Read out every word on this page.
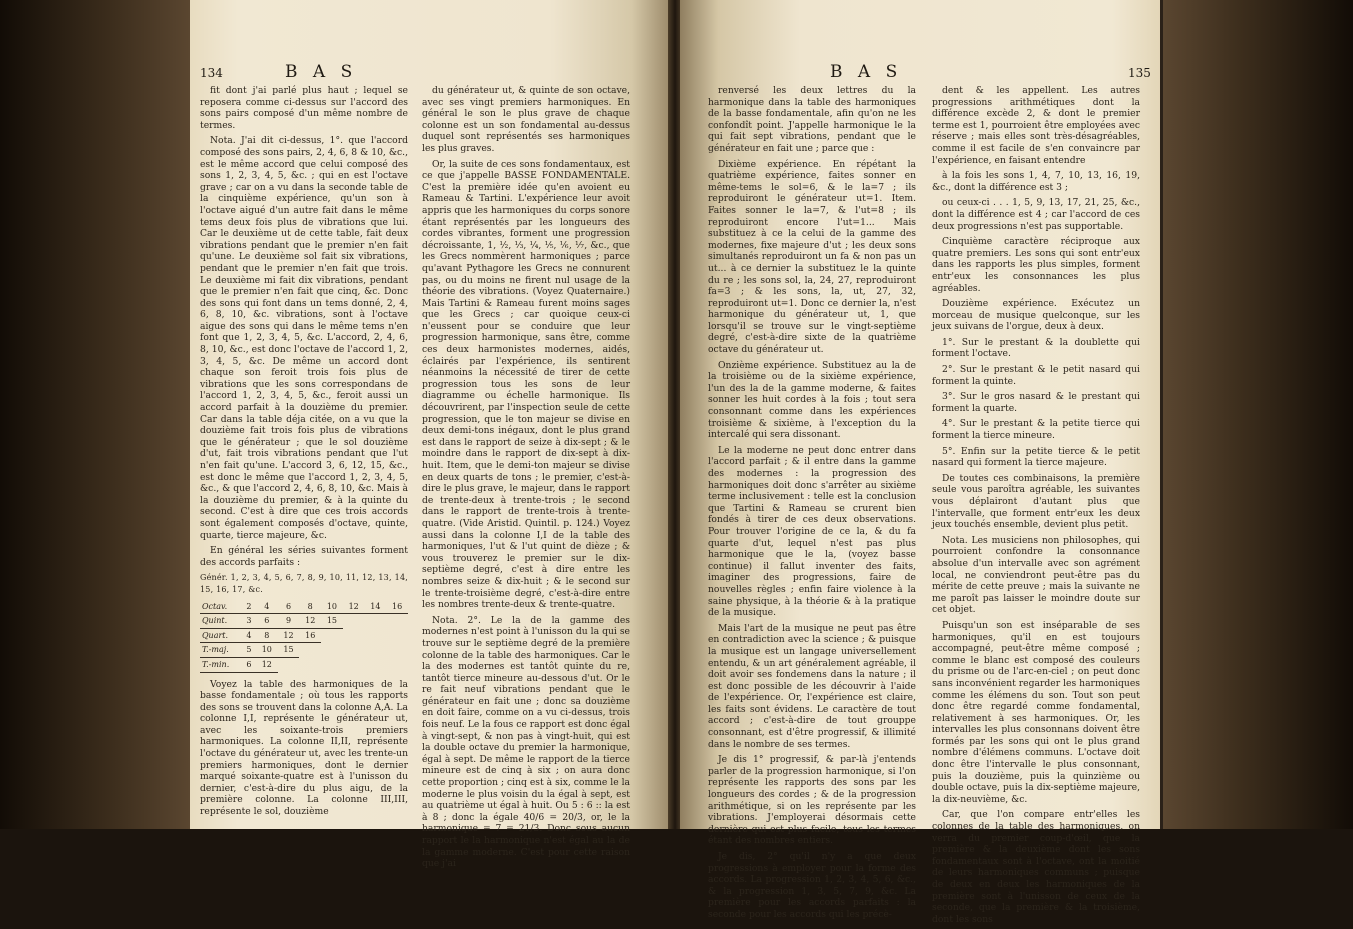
134	B A S

fit dont j'ai parlé plus haut ; lequel se reposera comme ci-dessus sur l'accord des sons pairs composé d'un même nombre de termes.

Nota. J'ai dit ci-dessus, 1°. que l'accord composé des sons pairs, 2, 4, 6, 8 & 10, &c., est le même accord que celui composé des sons 1, 2, 3, 4, 5, &c. ; qui en est l'octave grave ; car on a vu dans la seconde table de la cinquième expérience, qu'un son à l'octave aigué d'un autre fait dans le même tems deux fois plus de vibrations que lui. Car le deuxième ut de cette table, fait deux vibrations pendant que le premier n'en fait qu'une. Le deuxième sol fait six vibrations, pendant que le premier n'en fait que trois. Le deuxième mi fait dix vibrations, pendant que le premier n'en fait que cinq, &c. Donc des sons qui font dans un tems donné, 2, 4, 6, 8, 10, &c. vibrations, sont à l'octave aigue des sons qui dans le même tems n'en font que 1, 2, 3, 4, 5, &c. L'accord, 2, 4, 6, 8, 10, &c., est donc l'octave de l'accord 1, 2, 3, 4, 5, &c. De même un accord dont chaque son feroit trois fois plus de vibrations que les sons correspondans de l'accord 1, 2, 3, 4, 5, &c., feroit aussi un accord parfait à la douzième du premier. Car dans la table déja citée, on a vu que la douzième fait trois fois plus de vibrations que le générateur ; que le sol douzième d'ut, fait trois vibrations pendant que l'ut n'en fait qu'une. L'accord 3, 6, 12, 15, &c., est donc le même que l'accord 1, 2, 3, 4, 5, &c., & que l'accord 2, 4, 6, 8, 10, &c. Mais à la douzième du premier, & à la quinte du second. C'est à dire que ces trois accords sont également composés d'octave, quinte, quarte, tierce majeure, &c.

En général les séries suivantes forment des accords parfaits :

Génér. 1, 2, 3, 4, 5, 6, 7, 8, 9, 10, 11, 12, 13, 14, 15, 16, 17, &c.
Octav.	2	4	6	8	10	12	14	16
Quint.	3	6	9	12	15			
Quart.	4	8	12	16				
T.-maj.	5	10	15					
T.-min.	6	12						

Voyez la table des harmoniques de la basse fondamentale ; où tous les rapports des sons se trouvent dans la colonne A,A. La colonne I,I, représente le générateur ut, avec les soixante-trois premiers harmoniques. La colonne II,II, représente l'octave du générateur ut, avec les trente-un premiers harmoniques, dont le dernier marqué soixante-quatre est à l'unisson du dernier, c'est-à-dire du plus aigu, de la première colonne. La colonne III,III, représente le sol, douzième

du générateur ut, & quinte de son octave, avec ses vingt premiers harmoniques. En général le son le plus grave de chaque colonne est un son fondamental au-dessus duquel sont représentés ses harmoniques les plus graves.

Or, la suite de ces sons fondamentaux, est ce que j'appelle BASSE FONDAMENTALE. C'est la première idée qu'en avoient eu Rameau & Tartini. L'expérience leur avoit appris que les harmoniques du corps sonore étant représentés par les longueurs des cordes vibrantes, forment une progression décroissante, 1, ½, ⅓, ¼, ⅕, ⅙, ⅐, &c., que les Grecs nommèrent harmoniques ; parce qu'avant Pythagore les Grecs ne connurent pas, ou du moins ne firent nul usage de la théorie des vibrations. (Voyez Quaternaire.) Mais Tartini & Rameau furent moins sages que les Grecs ; car quoique ceux-ci n'eussent pour se conduire que leur progression harmonique, sans être, comme ces deux harmonistes modernes, aidés, éclairés par l'expérience, ils sentirent néanmoins la nécessité de tirer de cette progression tous les sons de leur diagramme ou échelle harmonique. Ils découvrirent, par l'inspection seule de cette progression, que le ton majeur se divise en deux demi-tons inégaux, dont le plus grand est dans le rapport de seize à dix-sept ; & le moindre dans le rapport de dix-sept à dix-huit. Item, que le demi-ton majeur se divise en deux quarts de tons ; le premier, c'est-à-dire le plus grave, le majeur, dans le rapport de trente-deux à trente-trois ; le second dans le rapport de trente-trois à trente-quatre. (Vide Aristid. Quintil. p. 124.) Voyez aussi dans la colonne I,I de la table des harmoniques, l'ut & l'ut quint de dièze ; & vous trouverez le premier sur le dix-septième degré, c'est à dire entre les nombres seize & dix-huit ; & le second sur le trente-troisième degré, c'est-à-dire entre les nombres trente-deux & trente-quatre.

Nota. 2°. Le la de la gamme des modernes n'est point à l'unisson du la qui se trouve sur le septième degré de la première colonne de la table des harmoniques. Car le la des modernes est tantôt quinte du re, tantôt tierce mineure au-dessous d'ut. Or le re fait neuf vibrations pendant que le générateur en fait une ; donc sa douzième en doit faire, comme on a vu ci-dessus, trois fois neuf. Le la fous ce rapport est donc égal à vingt-sept, & non pas à vingt-huit, qui est la double octave du premier la harmonique, égal à sept. De même le rapport de la tierce mineure est de cinq à six ; on aura donc cette proportion ; cinq est à six, comme le la moderne le plus voisin du la égal à sept, est au quatrième ut égal à huit. Ou 5 : 6 :: la est à 8 ; donc la égale 40/6 = 20/3, or, le la harmonique = 7 = 21/3. Donc sous aucun rapport le la harmonique n'est égal au la de la gamme moderne. C'est pour cette raison que j'ai

B A S	135

renversé les deux lettres du la harmonique dans la table des harmoniques de la basse fondamentale, afin qu'on ne les confondît point. J'appelle harmonique le la qui fait sept vibrations, pendant que le générateur en fait une ; parce que :

Dixième expérience. En répétant la quatrième expérience, faites sonner en même-tems le sol=6, & le la=7 ; ils reproduiront le générateur ut=1. Item. Faites sonner le la=7, & l'ut=8 ; ils reproduiront encore l'ut=1... Mais substituez à ce la celui de la gamme des modernes, fixe majeure d'ut ; les deux sons simultanés reproduiront un fa & non pas un ut... à ce dernier la substituez le la quinte du re ; les sons sol, la, 24, 27, reproduiront fa=3 ; & les sons, la, ut, 27, 32, reproduiront ut=1. Donc ce dernier la, n'est harmonique du générateur ut, 1, que lorsqu'il se trouve sur le vingt-septième degré, c'est-à-dire sixte de la quatrième octave du générateur ut.

Onzième expérience. Substituez au la de la troisième ou de la sixième expérience, l'un des la de la gamme moderne, & faites sonner les huit cordes à la fois ; tout sera consonnant comme dans les expériences troisième & sixième, à l'exception du la intercalé qui sera dissonant.

Le la moderne ne peut donc entrer dans l'accord parfait ; & il entre dans la gamme des modernes : la progression des harmoniques doit donc s'arrêter au sixième terme inclusivement : telle est la conclusion que Tartini & Rameau se crurent bien fondés à tirer de ces deux observations. Pour trouver l'origine de ce la, & du fa quarte d'ut, lequel n'est pas plus harmonique que le la, (voyez basse continue) il fallut inventer des faits, imaginer des progressions, faire de nouvelles règles ; enfin faire violence à la saine physique, à la théorie & à la pratique de la musique.

Mais l'art de la musique ne peut pas être en contradiction avec la science ; & puisque la musique est un langage universellement entendu, & un art généralement agréable, il doit avoir ses fondemens dans la nature ; il est donc possible de les découvrir à l'aide de l'expérience. Or, l'expérience est claire, les faits sont évidens. Le caractère de tout accord ; c'est-à-dire de tout grouppe consonnant, est d'être progressif, & illimité dans le nombre de ses termes.

Je dis 1° progressif, & par-là j'entends parler de la progression harmonique, si l'on représente les rapports des sons par les longueurs des cordes ; & de la progression arithmétique, si on les représente par les vibrations. J'employerai désormais cette dernière qui est plus facile, tous les termes étant des nombres entiers.

Je dis, 2° qu'il n'y a que deux progressions à employer pour la forme des accords. La progression 1, 2, 3, 4, 5, 6, &c., & la progression 1, 3, 5, 7, 9, &c. La première pour les accords parfaits : la seconde pour les accords qui les précè-

dent & les appellent. Les autres progressions arithmétiques dont la différence excède 2, & dont le premier terme est 1, pourroient être employées avec réserve ; mais elles sont très-désagréables, comme il est facile de s'en convaincre par l'expérience, en faisant entendre

à la fois les sons 1, 4, 7, 10, 13, 16, 19, &c., dont la différence est 3 ;

ou ceux-ci . . . 1, 5, 9, 13, 17, 21, 25, &c., dont la différence est 4 ; car l'accord de ces deux progressions n'est pas supportable.

Cinquième caractère réciproque aux quatre premiers. Les sons qui sont entr'eux dans les rapports les plus simples, forment entr'eux les consonnances les plus agréables.

Douzième expérience. Exécutez un morceau de musique quelconque, sur les jeux suivans de l'orgue, deux à deux.

1°. Sur le prestant & la doublette qui forment l'octave.

2°. Sur le prestant & le petit nasard qui forment la quinte.

3°. Sur le gros nasard & le prestant qui forment la quarte.

4°. Sur le prestant & la petite tierce qui forment la tierce mineure.

5°. Enfin sur la petite tierce & le petit nasard qui forment la tierce majeure.

De toutes ces combinaisons, la première seule vous paroîtra agréable, les suivantes vous déplairont d'autant plus que l'intervalle, que forment entr'eux les deux jeux touchés ensemble, devient plus petit.

Nota. Les musiciens non philosophes, qui pourroient confondre la consonnance absolue d'un intervalle avec son agrément local, ne conviendront peut-être pas du mérite de cette preuve ; mais la suivante ne me paroît pas laisser le moindre doute sur cet objet.

Puisqu'un son est inséparable de ses harmoniques, qu'il en est toujours accompagné, peut-être même composé ; comme le blanc est composé des couleurs du prisme ou de l'arc-en-ciel ; on peut donc sans inconvénient regarder les harmoniques comme les élémens du son. Tout son peut donc être regardé comme fondamental, relativement à ses harmoniques. Or, les intervalles les plus consonnans doivent être formés par les sons qui ont le plus grand nombre d'élémens communs. L'octave doit donc être l'intervalle le plus consonnant, puis la douzième, puis la quinzième ou double octave, puis la dix-septième majeure, la dix-neuvième, &c.

Car, que l'on compare entr'elles les colonnes de la table des harmoniques, on verra du premier coup-d'œil, que la première & la deuxième dont les sons fondamentaux sont à l'octave, ont la moitié de leurs harmoniques communs ; puisque de deux en deux les harmoniques de la première sont à l'unisson de ceux de la seconde, que la première & la troisième, dont les sons
